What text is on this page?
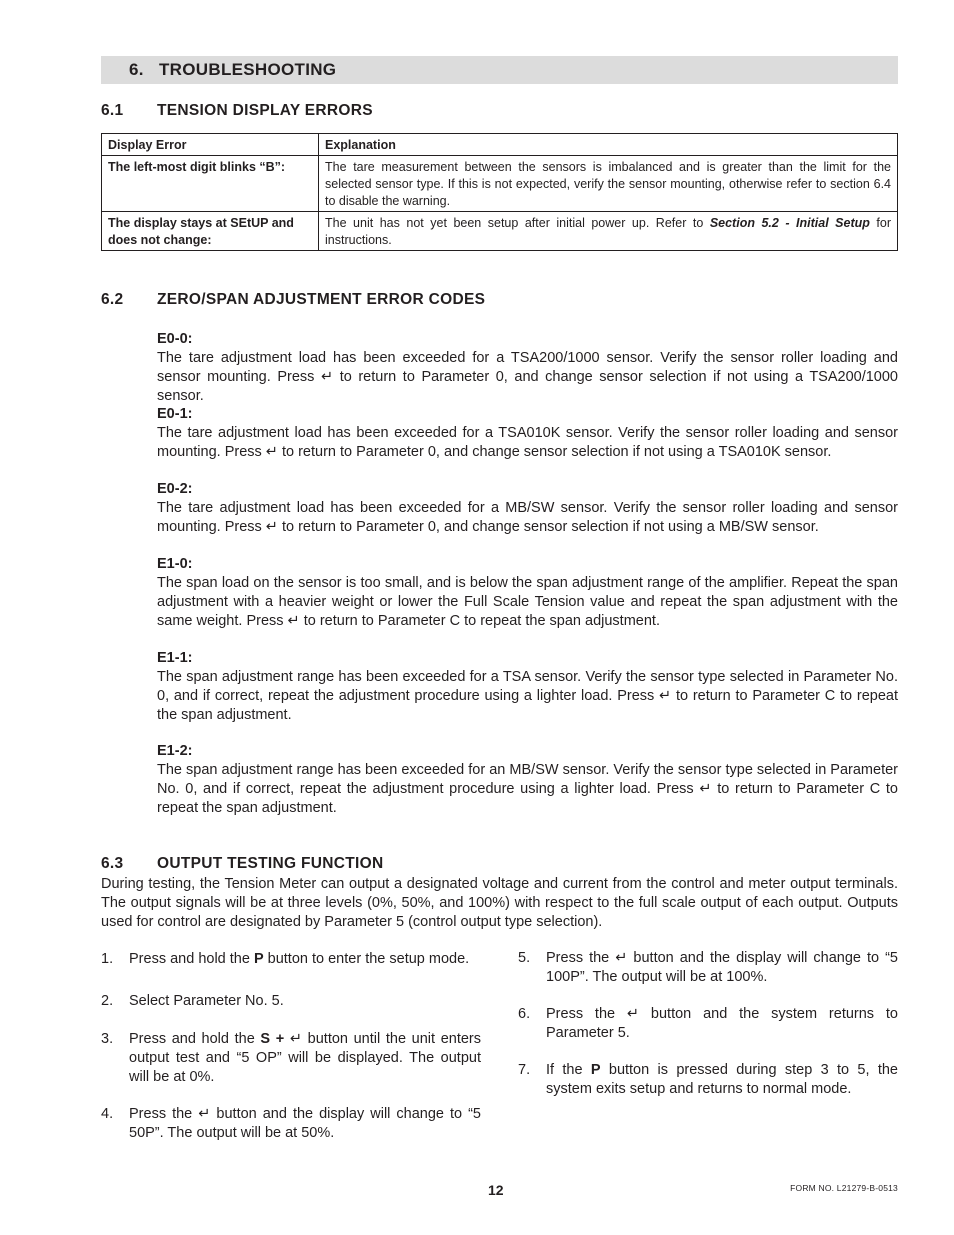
6. TROUBLESHOOTING
6.1 TENSION DISPLAY ERRORS
Display Error	Explanation
The left-most digit blinks “B”:	The tare measurement between the sensors is imbalanced and is greater than the limit for the selected sensor type. If this is not expected, verify the sensor mounting, otherwise refer to section 6.4 to disable the warning.
The display stays at SEtUP and does not change:	The unit has not yet been setup after initial power up. Refer to Section 5.2 - Initial Setup for instructions.
6.2 ZERO/SPAN ADJUSTMENT ERROR CODES
E0-0:
The tare adjustment load has been exceeded for a TSA200/1000 sensor. Verify the sensor roller loading and sensor mounting. Press ↵ to return to Parameter 0, and change sensor selection if not using a TSA200/1000 sensor.
E0-1:
The tare adjustment load has been exceeded for a TSA010K sensor. Verify the sensor roller loading and sensor mounting. Press ↵ to return to Parameter 0, and change sensor selection if not using a TSA010K sensor.
E0-2:
The tare adjustment load has been exceeded for a MB/SW sensor. Verify the sensor roller loading and sensor mounting. Press ↵ to return to Parameter 0, and change sensor selection if not using a MB/SW sensor.
E1-0:
The span load on the sensor is too small, and is below the span adjustment range of the amplifier. Repeat the span adjustment with a heavier weight or lower the Full Scale Tension value and repeat the span adjustment with the same weight. Press ↵ to return to Parameter C to repeat the span adjustment.
E1-1:
The span adjustment range has been exceeded for a TSA sensor. Verify the sensor type selected in Parameter No. 0, and if correct, repeat the adjustment procedure using a lighter load. Press ↵ to return to Parameter C to repeat the span adjustment.
E1-2:
The span adjustment range has been exceeded for an MB/SW sensor. Verify the sensor type selected in Parameter No. 0, and if correct, repeat the adjustment procedure using a lighter load. Press ↵ to return to Parameter C to repeat the span adjustment.
6.3 OUTPUT TESTING FUNCTION
During testing, the Tension Meter can output a designated voltage and current from the control and meter output terminals. The output signals will be at three levels (0%, 50%, and 100%) with respect to the full scale output of each output. Outputs used for control are designated by Parameter 5 (control output type selection).
1. Press and hold the P button to enter the setup mode.
2. Select Parameter No. 5.
3. Press and hold the S + ↵ button until the unit enters output test and “5 OP” will be displayed. The output will be at 0%.
4. Press the ↵ button and the display will change to “5 50P”. The output will be at 50%.
5. Press the ↵ button and the display will change to “5 100P”. The output will be at 100%.
6. Press the ↵ button and the system returns to Parameter 5.
7. If the P button is pressed during step 3 to 5, the system exits setup and returns to normal mode.
12	FORM NO. L21279-B-0513
